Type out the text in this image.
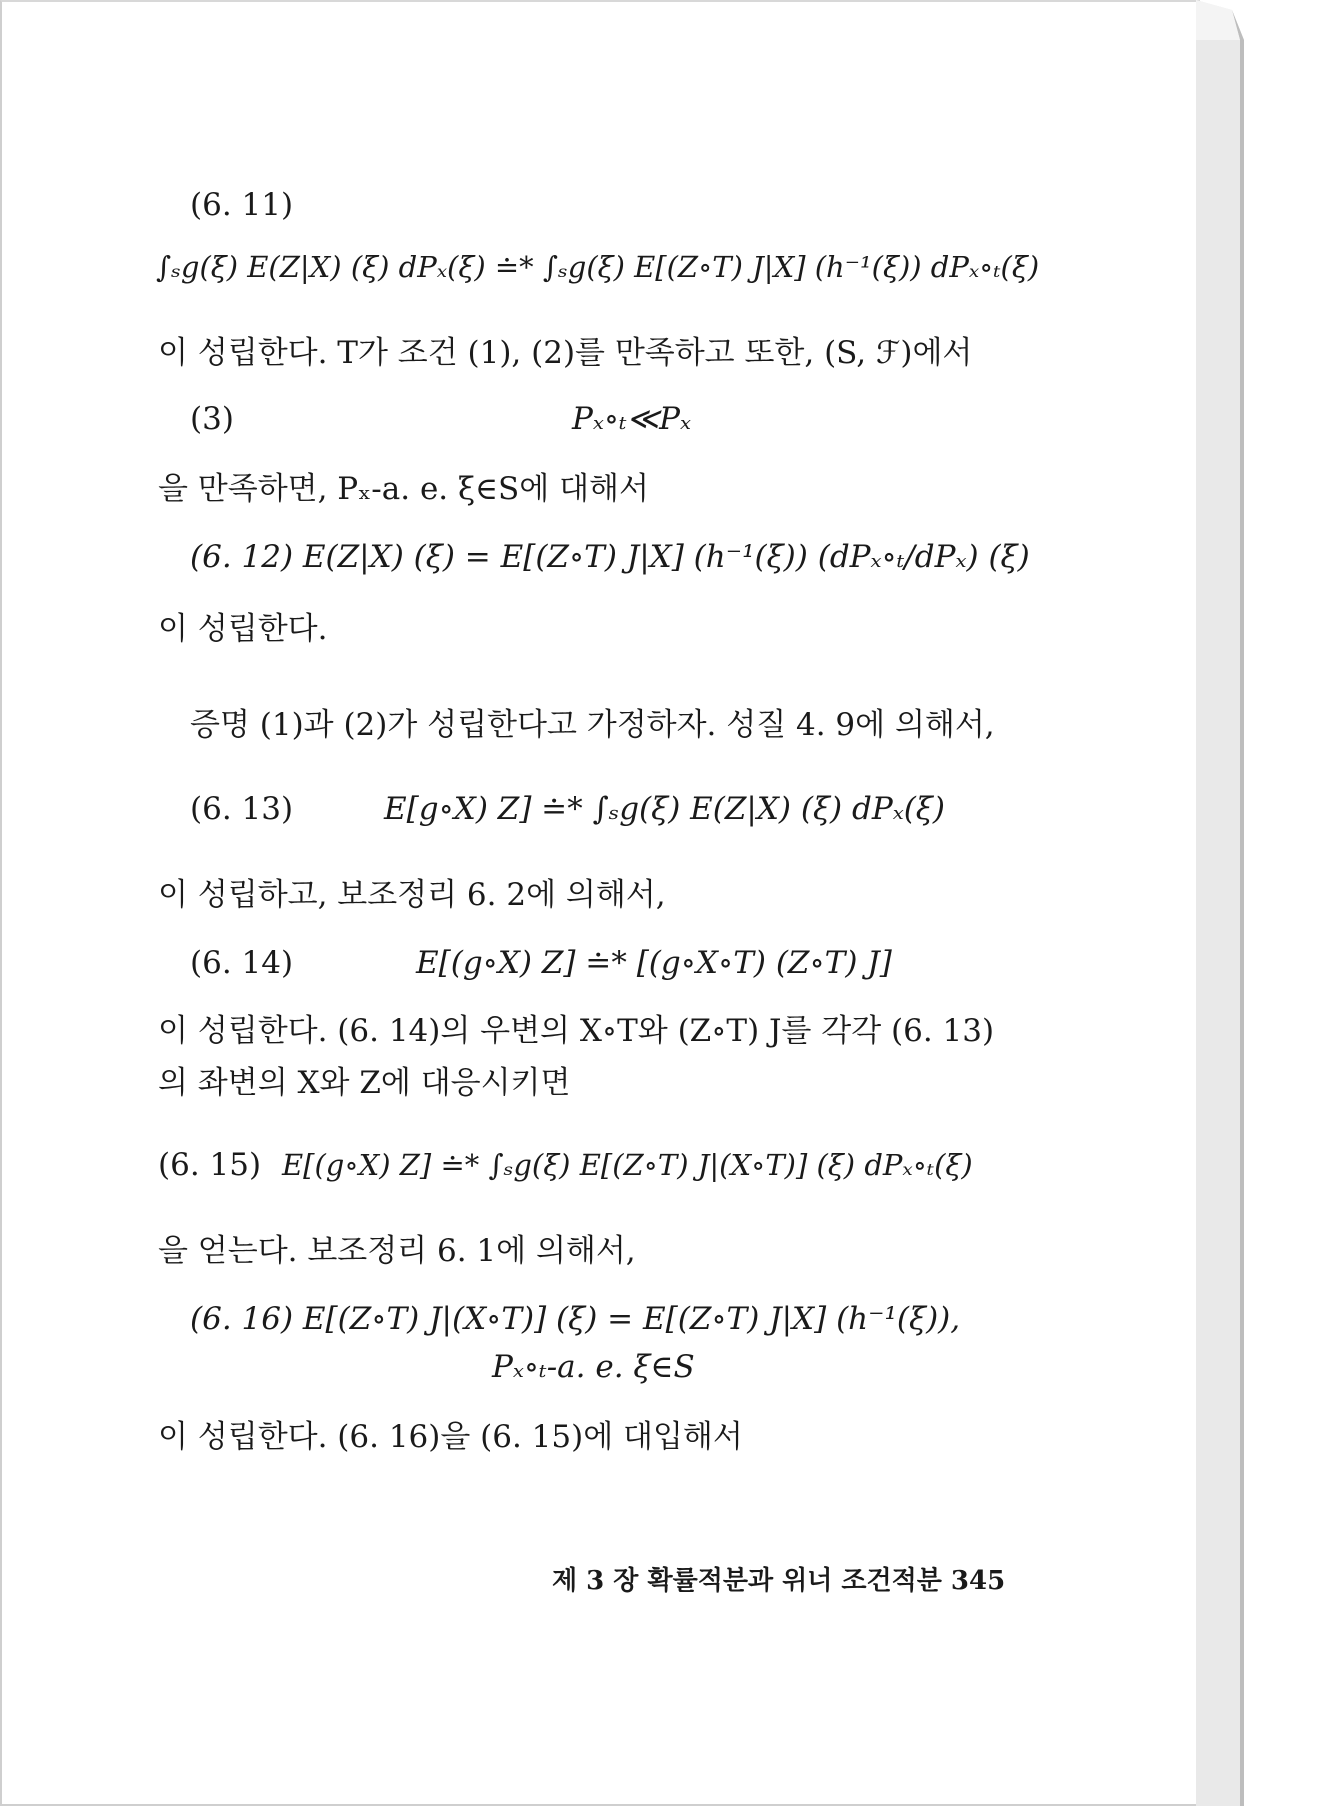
(6. 11)
∫ₛg(ξ) E(Z|X) (ξ) dPₓ(ξ) ≐* ∫ₛg(ξ) E[(Z∘T) J|X] (h⁻¹(ξ)) dPₓ∘ₜ(ξ)
이 성립한다. T가 조건 (1), (2)를 만족하고 또한, (S, ℱ)에서
(3)	Pₓ∘ₜ≪Pₓ
을 만족하면, Pₓ-a. e. ξ∈S에 대해서
(6. 12) E(Z|X) (ξ) = E[(Z∘T) J|X] (h⁻¹(ξ)) (dPₓ∘ₜ/dPₓ) (ξ)
이 성립한다.
증명 (1)과 (2)가 성립한다고 가정하자. 성질 4. 9에 의해서,
(6. 13)	E[g∘X) Z] ≐* ∫ₛg(ξ) E(Z|X) (ξ) dPₓ(ξ)
이 성립하고, 보조정리 6. 2에 의해서,
(6. 14)	E[(g∘X) Z] ≐* [(g∘X∘T) (Z∘T) J]
이 성립한다. (6. 14)의 우변의 X∘T와 (Z∘T) J를 각각 (6. 13)
의 좌변의 X와 Z에 대응시키면
(6. 15) E[(g∘X) Z] ≐* ∫ₛg(ξ) E[(Z∘T) J|(X∘T)] (ξ) dPₓ∘ₜ(ξ)
을 얻는다. 보조정리 6. 1에 의해서,
(6. 16) E[(Z∘T) J|(X∘T)] (ξ) = E[(Z∘T) J|X] (h⁻¹(ξ)),
Pₓ∘ₜ-a. e. ξ∈S
이 성립한다. (6. 16)을 (6. 15)에 대입해서
제 3 장 확률적분과 위너 조건적분 345
